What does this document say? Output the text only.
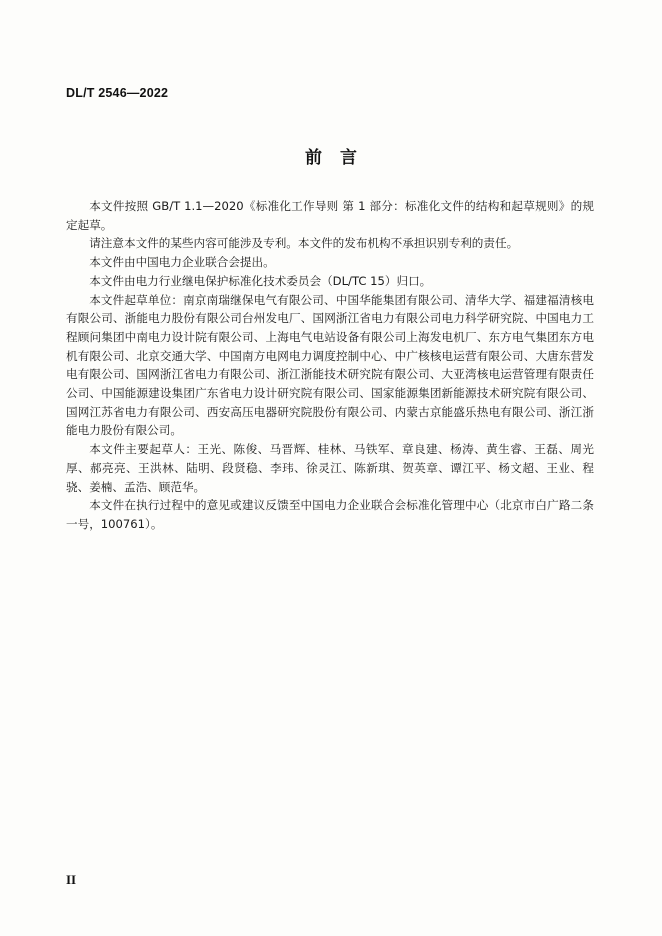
DL/T 2546—2022
前言

本文件按照 GB/T 1.1—2020《标准化工作导则 第 1 部分：标准化文件的结构和起草规则》的规定起草。

请注意本文件的某些内容可能涉及专利。本文件的发布机构不承担识别专利的责任。

本文件由中国电力企业联合会提出。

本文件由电力行业继电保护标准化技术委员会（DL/TC 15）归口。

本文件起草单位：南京南瑞继保电气有限公司、中国华能集团有限公司、清华大学、福建福清核电有限公司、浙能电力股份有限公司台州发电厂、国网浙江省电力有限公司电力科学研究院、中国电力工程顾问集团中南电力设计院有限公司、上海电气电站设备有限公司上海发电机厂、东方电气集团东方电机有限公司、北京交通大学、中国南方电网电力调度控制中心、中广核核电运营有限公司、大唐东营发电有限公司、国网浙江省电力有限公司、浙江浙能技术研究院有限公司、大亚湾核电运营管理有限责任公司、中国能源建设集团广东省电力设计研究院有限公司、国家能源集团新能源技术研究院有限公司、国网江苏省电力有限公司、西安高压电器研究院股份有限公司、内蒙古京能盛乐热电有限公司、浙江浙能电力股份有限公司。

本文件主要起草人：王光、陈俊、马晋辉、桂林、马铁军、章良建、杨涛、黄生睿、王磊、周光厚、郝亮亮、王洪林、陆明、段贤稳、李玮、徐灵江、陈新琪、贺英章、谭江平、杨文超、王业、程骁、姜楠、孟浩、顾范华。

本文件在执行过程中的意见或建议反馈至中国电力企业联合会标准化管理中心（北京市白广路二条一号，100761）。

II
